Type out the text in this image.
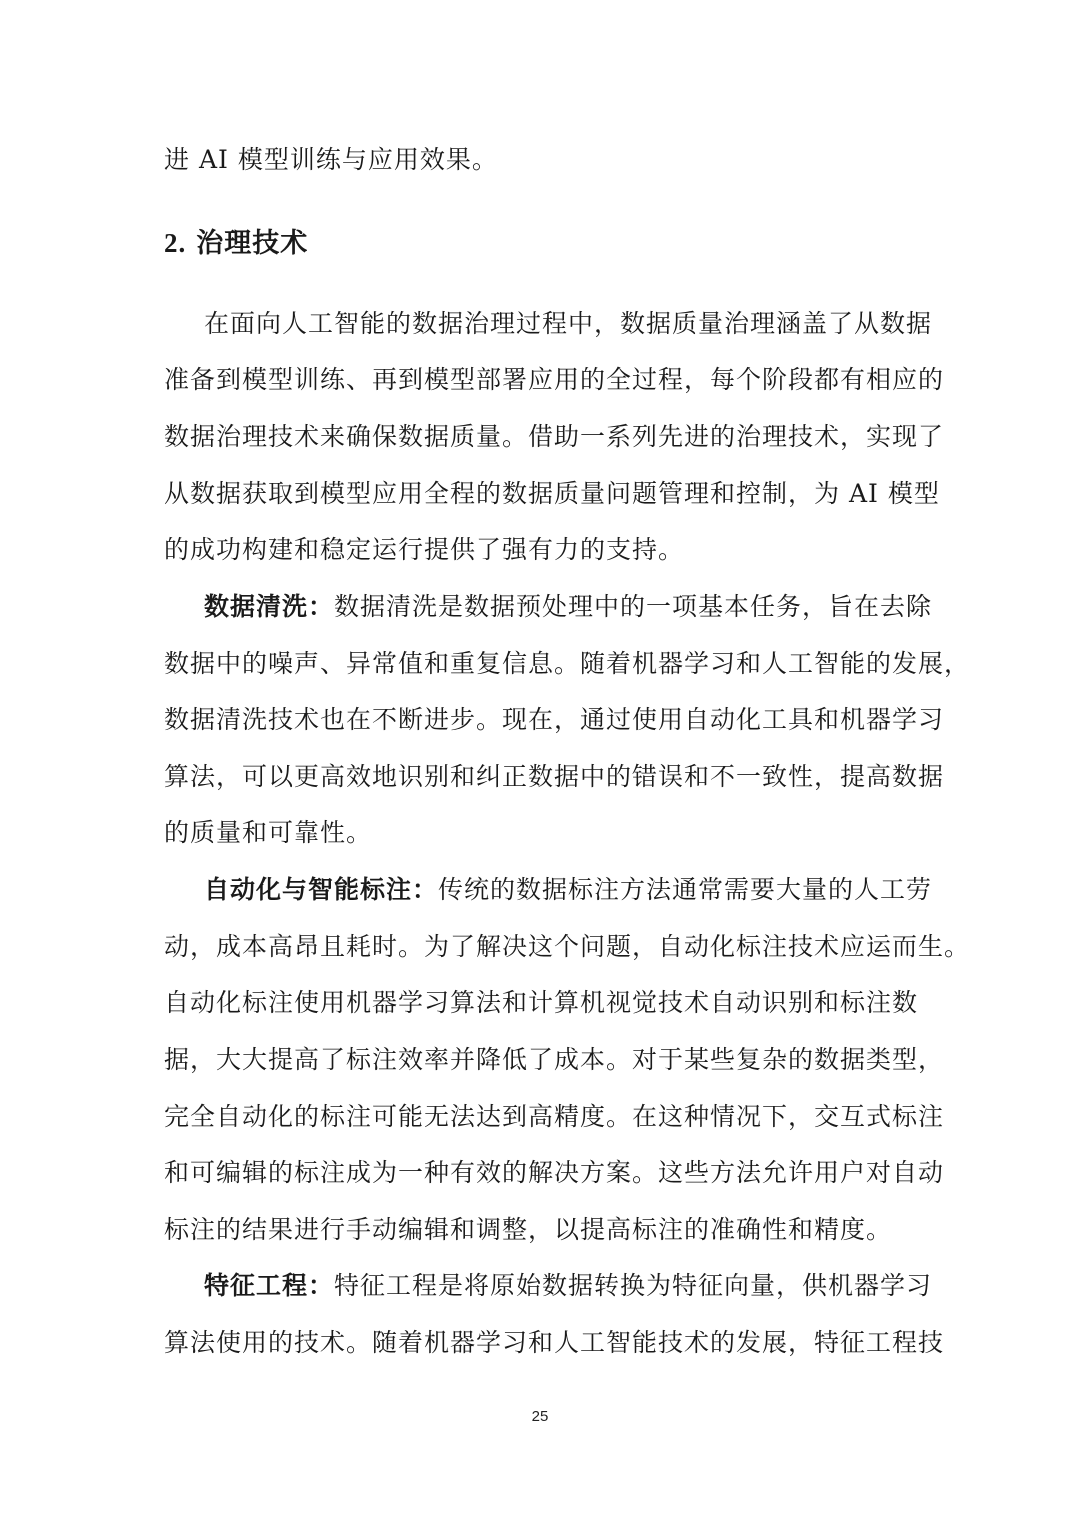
进 AI 模型训练与应用效果。
2. 治理技术
在面向人工智能的数据治理过程中，数据质量治理涵盖了从数据
准备到模型训练、再到模型部署应用的全过程，每个阶段都有相应的
数据治理技术来确保数据质量。借助一系列先进的治理技术，实现了
从数据获取到模型应用全程的数据质量问题管理和控制，为 AI 模型
的成功构建和稳定运行提供了强有力的支持。
数据清洗：数据清洗是数据预处理中的一项基本任务，旨在去除
数据中的噪声、异常值和重复信息。随着机器学习和人工智能的发展，
数据清洗技术也在不断进步。现在，通过使用自动化工具和机器学习
算法，可以更高效地识别和纠正数据中的错误和不一致性，提高数据
的质量和可靠性。
自动化与智能标注：传统的数据标注方法通常需要大量的人工劳
动，成本高昂且耗时。为了解决这个问题，自动化标注技术应运而生。
自动化标注使用机器学习算法和计算机视觉技术自动识别和标注数
据，大大提高了标注效率并降低了成本。对于某些复杂的数据类型，
完全自动化的标注可能无法达到高精度。在这种情况下，交互式标注
和可编辑的标注成为一种有效的解决方案。这些方法允许用户对自动
标注的结果进行手动编辑和调整，以提高标注的准确性和精度。
特征工程：特征工程是将原始数据转换为特征向量，供机器学习
算法使用的技术。随着机器学习和人工智能技术的发展，特征工程技
25
